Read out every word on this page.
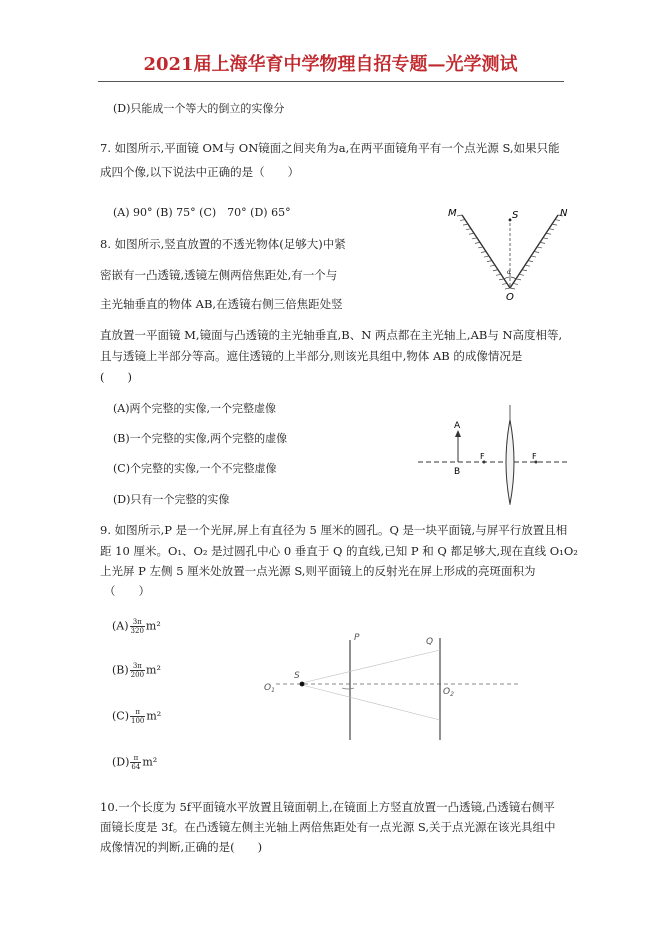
2021届上海华育中学物理自招专题—光学测试
(D)只能成一个等大的倒立的实像分
7. 如图所示,平面镜 OM与 ON镜面之间夹角为a,在两平面镜角平有一个点光源 S,如果只能
成四个像,以下说法中正确的是（　　）
(A) 90° (B) 75° (C)　70° (D) 65°	M	S	N
O
α
8. 如图所示,竖直放置的不透光物体(足够大)中紧
密嵌有一凸透镜,透镜左侧两倍焦距处,有一个与
主光轴垂直的物体 AB,在透镜右侧三倍焦距处竖
直放置一平面镜 M,镜面与凸透镜的主光轴垂直,B、N 两点都在主光轴上,AB与 N高度相等,
且与透镜上半部分等高。遮住透镜的上半部分,则该光具组中,物体 AB 的成像情况是
(　　)
(A)两个完整的实像,一个完整虚像
(B)一个完整的实像,两个完整的虚像
(C)个完整的实像,一个不完整虚像
(D)只有一个完整的实像
A
B
F	F
9. 如图所示,P 是一个光屏,屏上有直径为 5 厘米的圆孔。Q 是一块平面镜,与屏平行放置且相
距 10 厘米。O₁、O₂ 是过圆孔中心 0 垂直于 Q 的直线,已知 P 和 Q 都足够大,现在直线 O₁O₂
上光屏 P 左侧 5 厘米处放置一点光源 S,则平面镜上的反射光在屏上形成的亮斑面积为
（　　）
$(A) \frac{3\pi}{320} m^2$
$(B) \frac{3\pi}{200} m^2$
$(C) \frac{\pi}{100} m^2$
$(D) \frac{\pi}{64} m^2$
P	Q
S
$O_1$	$O_2$
10.一个长度为 5f平面镜水平放置且镜面朝上,在镜面上方竖直放置一凸透镜,凸透镜右侧平
面镜长度是 3f。在凸透镜左侧主光轴上两倍焦距处有一点光源 S,关于点光源在该光具组中
成像情况的判断,正确的是(　　)
